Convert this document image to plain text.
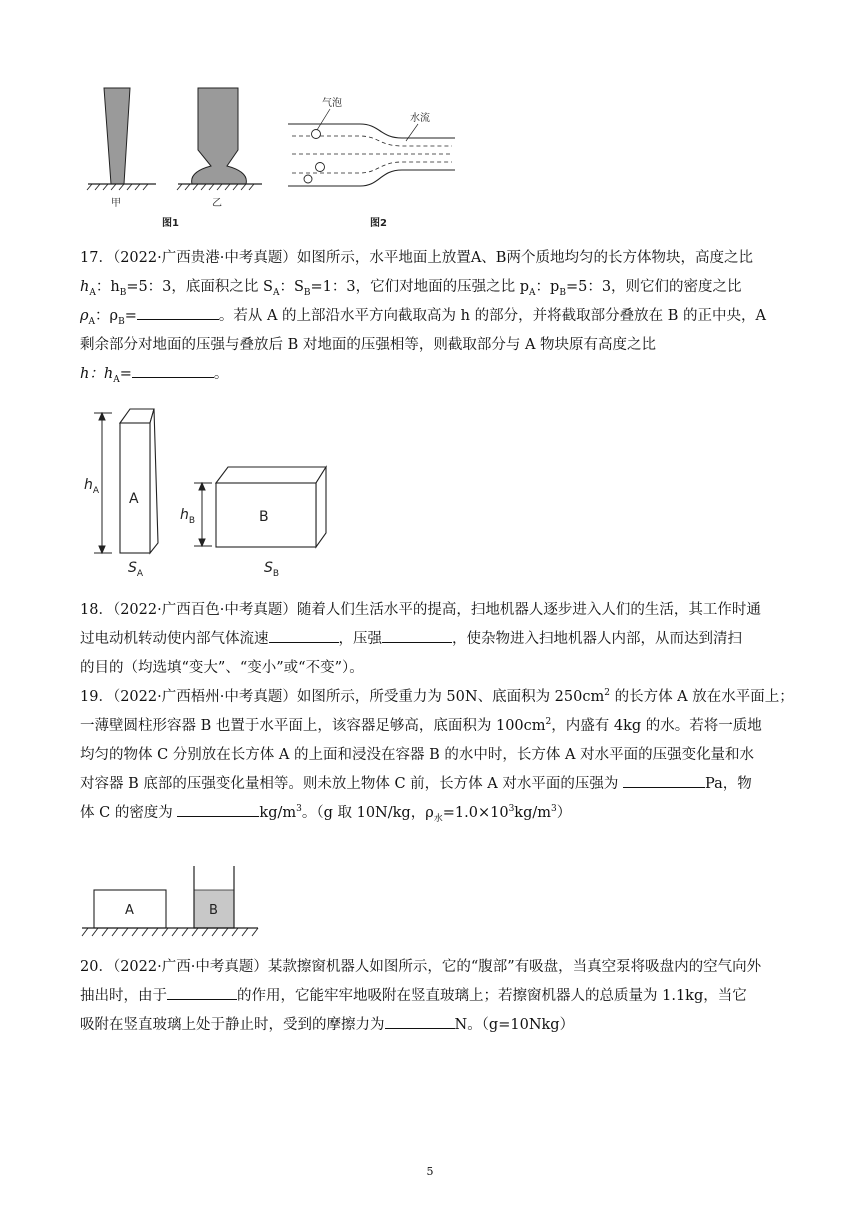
甲	乙
图1
气泡
水流
图2
17．（2022·广西贵港·中考真题）如图所示，水平地面上放置A、B两个质地均匀的长方体物块，高度之比
$h_A$：$h_B=5$：3，底面积之比 $S_A$：$S_B=1$：3，它们对地面的压强之比 $p_A$：$p_B=5$：3，则它们的密度之比
$\rho_A$：$\rho_B=$	。若从 A 的上部沿水平方向截取高为 h 的部分，并将截取部分叠放在 B 的正中央，A
剩余部分对地面的压强与叠放后 B 对地面的压强相等，则截取部分与 A 物块原有高度之比
h：$h_A=$	。
$h_A$ A
$S_A$
$h_B$	B
$S_B$
18．（2022·广西百色·中考真题）随着人们生活水平的提高，扫地机器人逐步进入人们的生活，其工作时通
过电动机转动使内部气体流速	，压强	，使杂物进入扫地机器人内部，从而达到清扫
的目的（均选填“变大”、“变小”或“不变”）。
19．（2022·广西梧州·中考真题）如图所示，所受重力为 50N、底面积为 $250cm^2$ 的长方体 A 放在水平面上；
一薄壁圆柱形容器 B 也置于水平面上，该容器足够高，底面积为 $100cm^2$，内盛有 4kg 的水。若将一质地
均匀的物体 C 分别放在长方体 A 的上面和浸没在容器 B 的水中时，长方体 A 对水平面的压强变化量和水
对容器 B 底部的压强变化量相等。则未放上物体 C 前，长方体 A 对水平面的压强为	Pa，物
体 C 的密度为	$kg/m^3$。（g 取 10N/kg，$\rho_水=1.0\times 10^3kg/m^3$）
A	B
20．（2022·广西·中考真题）某款擦窗机器人如图所示，它的“腹部”有吸盘，当真空泵将吸盘内的空气向外
抽出时，由于	的作用，它能牢牢地吸附在竖直玻璃上；若擦窗机器人的总质量为 1.1kg，当它
吸附在竖直玻璃上处于静止时，受到的摩擦力为	N。（g=10Nkg）
5
